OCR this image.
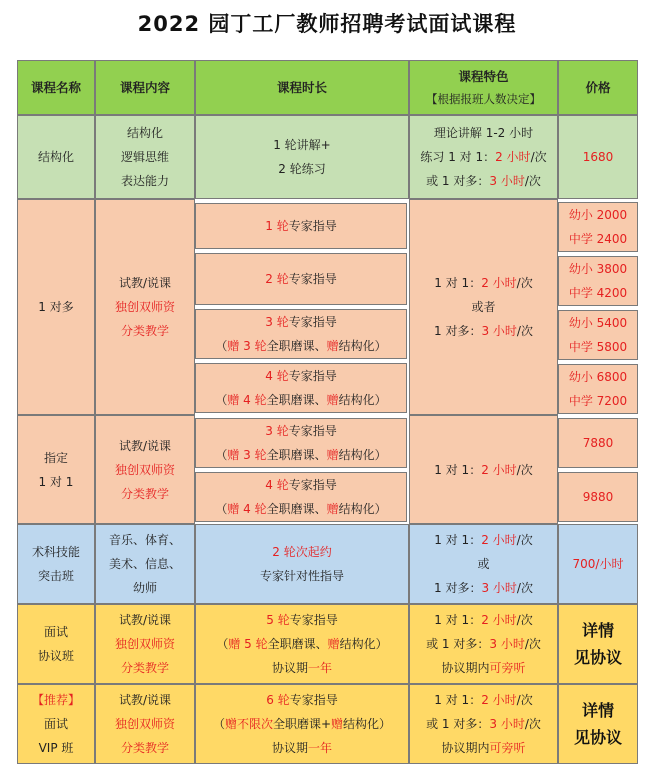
2022 园丁工厂教师招聘考试面试课程
课程名称	课程内容	课程时长
课程特色
【根据报班人数决定】
价格
结构化
结构化
逻辑思维
表达能力
1 轮讲解+
2 轮练习
理论讲解 1-2 小时
练习 1 对 1：2 小时/次
或 1 对多：3 小时/次
1680
1 对多
试教/说课
独创双师资
分类教学
1 轮专家指导
2 轮专家指导
3 轮专家指导
（赠 3 轮全职磨课、赠结构化）
4 轮专家指导
（赠 4 轮全职磨课、赠结构化）
1 对 1：2 小时/次
或者
1 对多：3 小时/次
幼小 2000
中学 2400
幼小 3800
中学 4200
幼小 5400
中学 5800
幼小 6800
中学 7200
指定
1 对 1
试教/说课
独创双师资
分类教学
3 轮专家指导
（赠 3 轮全职磨课、赠结构化）
4 轮专家指导
（赠 4 轮全职磨课、赠结构化）
1 对 1：2 小时/次
7880
9880
术科技能
突击班
音乐、体育、
美术、信息、
幼师
2 轮次起约
专家针对性指导
1 对 1：2 小时/次
或
1 对多：3 小时/次
700/小时
面试
协议班
试教/说课
独创双师资
分类教学
5 轮专家指导
（赠 5 轮全职磨课、赠结构化）
协议期一年
1 对 1：2 小时/次
或 1 对多：3 小时/次
协议期内可旁听
详情
见协议
【推荐】
面试
VIP 班
试教/说课
独创双师资
分类教学
6 轮专家指导
（赠不限次全职磨课+赠结构化）
协议期一年
1 对 1：2 小时/次
或 1 对多：3 小时/次
协议期内可旁听
详情
见协议
